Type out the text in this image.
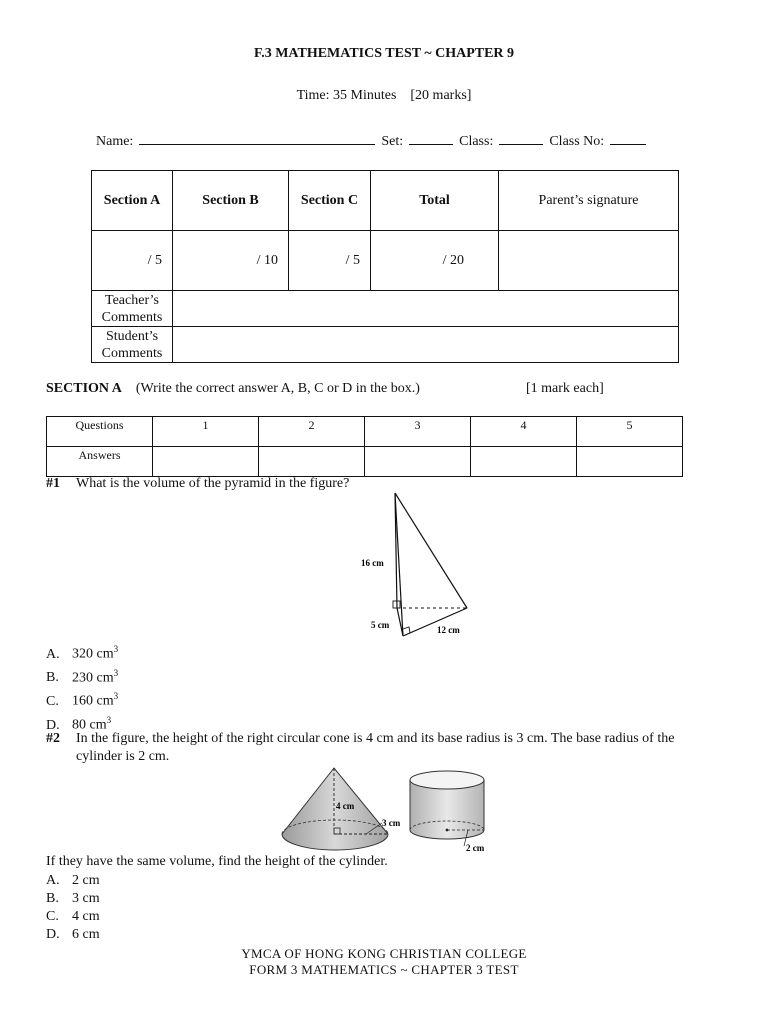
F.3 MATHEMATICS TEST ~ CHAPTER 9
Time: 35 Minutes    [20 marks]
Name:	Set:	Class:	Class No:
Section A	Section B	Section C	Total	Parent’s signature
/ 5	/ 10	/ 5	/ 20	
Teacher’s Comments				
Student’s Comments				
SECTION A (Write the correct answer A, B, C or D in the box.)	[1 mark each]
Questions	1	2	3	4	5
Answers					
#1 What is the volume of the pyramid in the figure?
16 cm
5 cm	12 cm
A. 320 $cm^3$
B. 230 $cm^3$
C. 160 $cm^3$
D. 80 $cm^3$
#2 In the figure, the height of the right circular cone is 4 cm and its base radius is 3 cm. The base radius of the
cylinder is 2 cm.
4 cm
3 cm
2 cm
If they have the same volume, find the height of the cylinder.
A. 2 cm
B. 3 cm
C. 4 cm
D. 6 cm
YMCA OF HONG KONG CHRISTIAN COLLEGE
FORM 3 MATHEMATICS ~ CHAPTER 3 TEST
